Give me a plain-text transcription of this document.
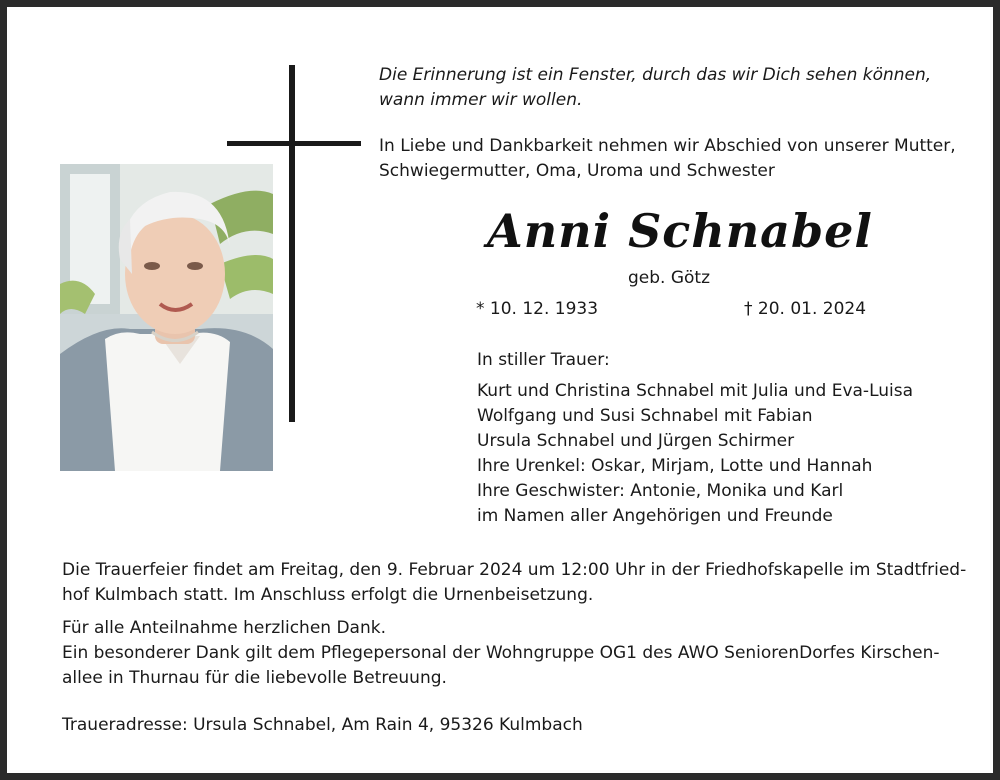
Die Erinnerung ist ein Fenster, durch das wir Dich sehen können,
wann immer wir wollen.

In Liebe und Dankbarkeit nehmen wir Abschied von unserer Mutter,
Schwiegermutter, Oma, Uroma und Schwester

Anni Schnabel

geb. Götz

* 10. 12. 1933	† 20. 01. 2024

In stiller Trauer:

Kurt und Christina Schnabel mit Julia und Eva-Luisa
Wolfgang und Susi Schnabel mit Fabian
Ursula Schnabel und Jürgen Schirmer
Ihre Urenkel: Oskar, Mirjam, Lotte und Hannah
Ihre Geschwister: Antonie, Monika und Karl
im Namen aller Angehörigen und Freunde

Die Trauerfeier findet am Freitag, den 9. Februar 2024 um 12:00 Uhr in der Friedhofskapelle im Stadtfried-
hof Kulmbach statt. Im Anschluss erfolgt die Urnenbeisetzung.

Für alle Anteilnahme herzlichen Dank.
Ein besonderer Dank gilt dem Pflegepersonal der Wohngruppe OG1 des AWO SeniorenDorfes Kirschen-
allee in Thurnau für die liebevolle Betreuung.

Traueradresse: Ursula Schnabel, Am Rain 4, 95326 Kulmbach
